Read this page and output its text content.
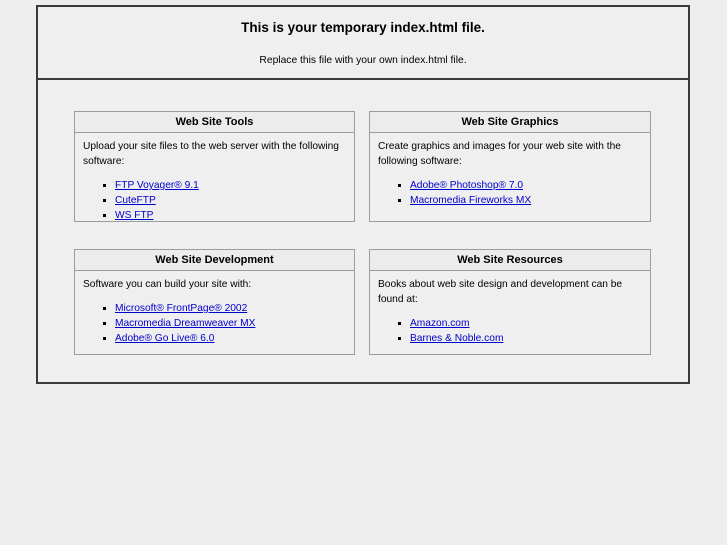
This is your temporary index.html file.
Replace this file with your own index.html file.
Web Site Tools

Upload your site files to the web server with the following software:

▪ FTP Voyager® 9.1
▪ CuteFTP
▪ WS FTP
Web Site Graphics

Create graphics and images for your web site with the following software:

▪ Adobe® Photoshop® 7.0
▪ Macromedia Fireworks MX
Web Site Development

Software you can build your site with:

▪ Microsoft® FrontPage® 2002
▪ Macromedia Dreamweaver MX
▪ Adobe® Go Live® 6.0
Web Site Resources

Books about web site design and development can be found at:

▪ Amazon.com
▪ Barnes & Noble.com
